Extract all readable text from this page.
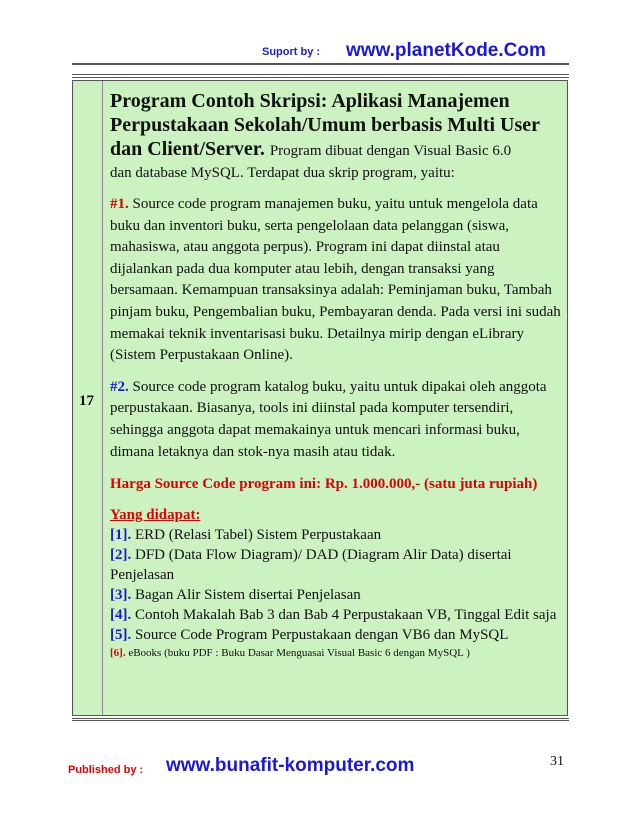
Suport by : www.planetKode.Com
17
Program Contoh Skripsi: Aplikasi Manajemen Perpustakaan Sekolah/Umum berbasis Multi User dan Client/Server. Program dibuat dengan Visual Basic 6.0
dan database MySQL. Terdapat dua skrip program, yaitu:
#1. Source code program manajemen buku, yaitu untuk mengelola data buku dan inventori buku, serta pengelolaan data pelanggan (siswa, mahasiswa, atau anggota perpus). Program ini dapat diinstal atau dijalankan pada dua komputer atau lebih, dengan transaksi yang bersamaan. Kemampuan transaksinya adalah: Peminjaman buku, Tambah pinjam buku, Pengembalian buku, Pembayaran denda. Pada versi ini sudah memakai teknik inventarisasi buku. Detailnya mirip dengan eLibrary (Sistem Perpustakaan Online).
#2. Source code program katalog buku, yaitu untuk dipakai oleh anggota perpustakaan. Biasanya, tools ini diinstal pada komputer tersendiri, sehingga anggota dapat memakainya untuk mencari informasi buku, dimana letaknya dan stok-nya masih atau tidak.
Harga Source Code program ini: Rp. 1.000.000,- (satu juta rupiah)
Yang didapat:
[1]. ERD (Relasi Tabel) Sistem Perpustakaan
[2]. DFD (Data Flow Diagram)/ DAD (Diagram Alir Data) disertai Penjelasan
[3]. Bagan Alir Sistem disertai Penjelasan
[4]. Contoh Makalah Bab 3 dan Bab 4 Perpustakaan VB, Tinggal Edit saja
[5]. Source Code Program Perpustakaan dengan VB6 dan MySQL
[6]. eBooks (buku PDF : Buku Dasar Menguasai Visual Basic 6 dengan MySQL )
Published by : www.bunafit-komputer.com	31
